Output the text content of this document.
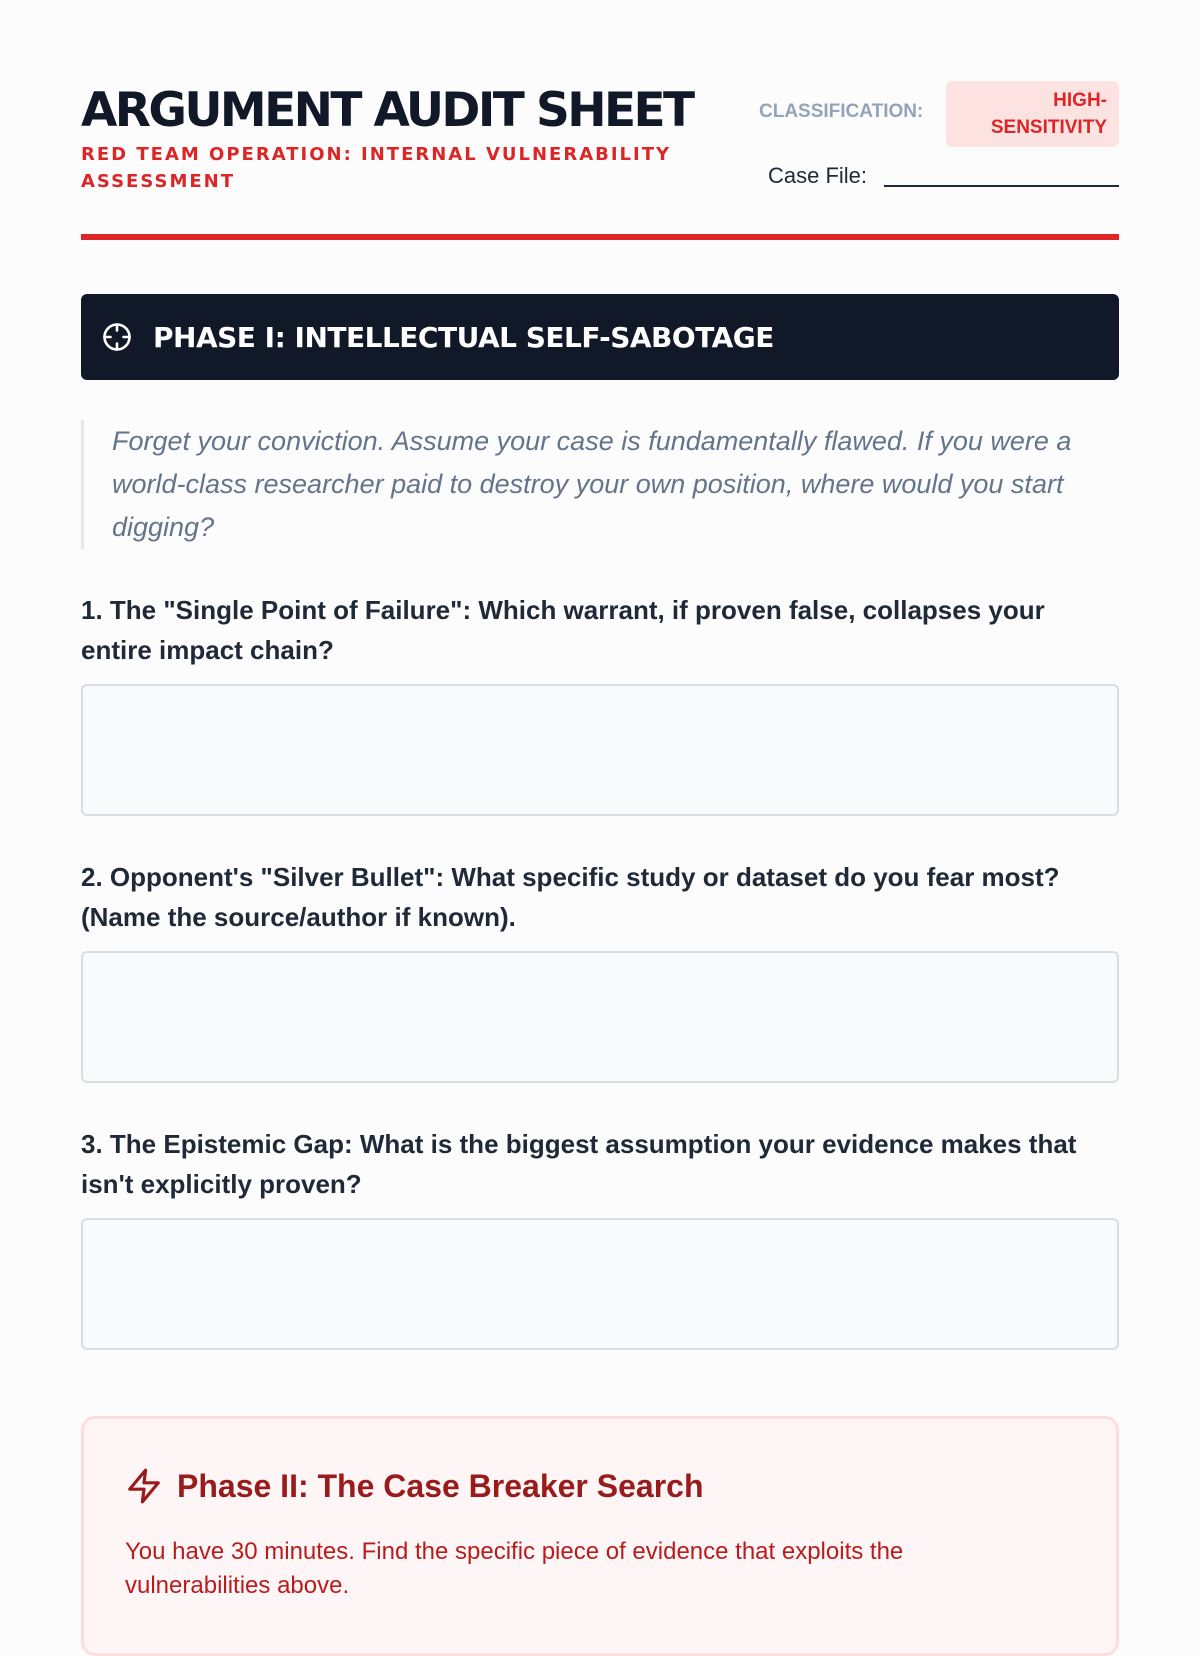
ARGUMENT AUDIT SHEET
RED TEAM OPERATION: INTERNAL VULNERABILITY ASSESSMENT
CLASSIFICATION:
HIGH-SENSITIVITY
Case File:
PHASE I: INTELLECTUAL SELF-SABOTAGE
Forget your conviction. Assume your case is fundamentally flawed. If you were a world-class researcher paid to destroy your own position, where would you start digging?

1. The "Single Point of Failure": Which warrant, if proven false, collapses your entire impact chain?

2. Opponent's "Silver Bullet": What specific study or dataset do you fear most? (Name the source/author if known).

3. The Epistemic Gap: What is the biggest assumption your evidence makes that isn't explicitly proven?

Phase II: The Case Breaker Search

You have 30 minutes. Find the specific piece of evidence that exploits the vulnerabilities above.
